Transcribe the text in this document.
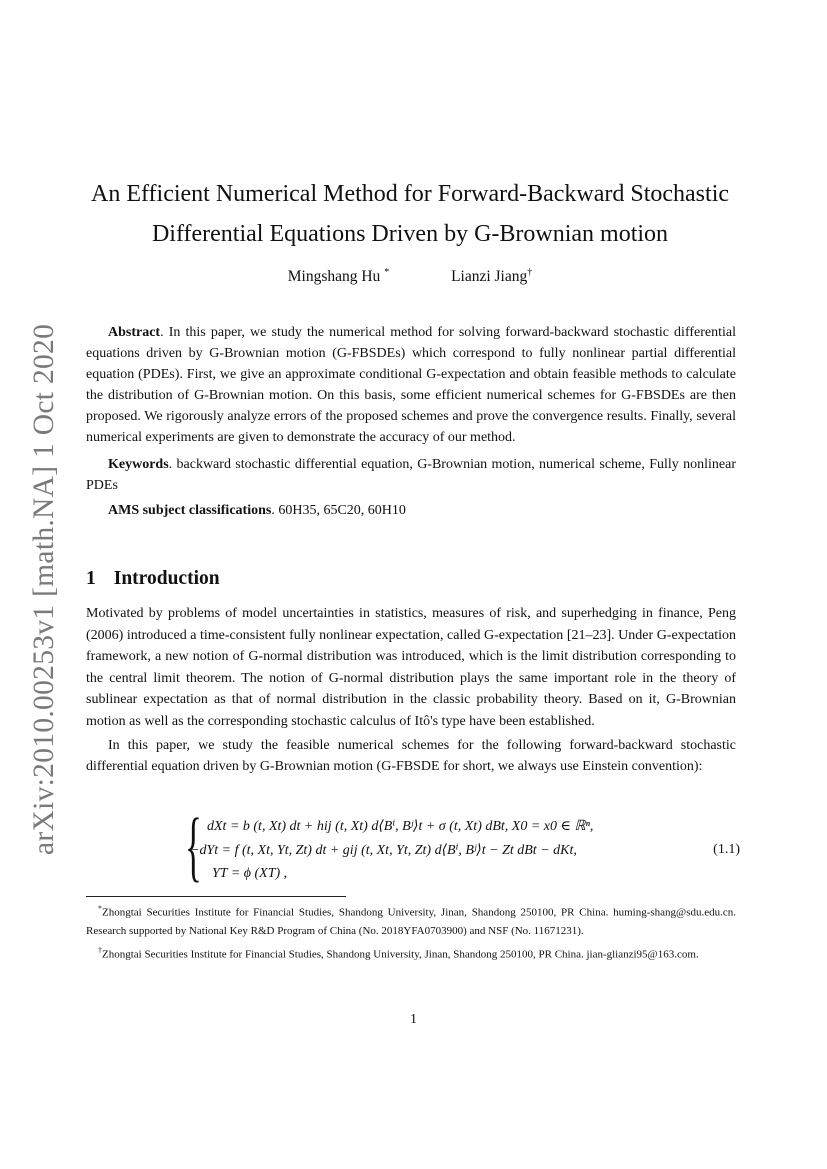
arXiv:2010.00253v1 [math.NA] 1 Oct 2020
An Efficient Numerical Method for Forward-Backward Stochastic
Differential Equations Driven by G-Brownian motion
Mingshang Hu *	Lianzi Jiang†

Abstract. In this paper, we study the numerical method for solving forward-backward stochastic differential equations driven by G-Brownian motion (G-FBSDEs) which correspond to fully nonlinear partial differential equation (PDEs). First, we give an approximate conditional G-expectation and obtain feasible methods to calculate the distribution of G-Brownian motion. On this basis, some efficient numerical schemes for G-FBSDEs are then proposed. We rigorously analyze errors of the proposed schemes and prove the convergence results. Finally, several numerical experiments are given to demonstrate the accuracy of our method.

Keywords. backward stochastic differential equation, G-Brownian motion, numerical scheme, Fully nonlinear PDEs

AMS subject classifications. 60H35, 65C20, 60H10

1 Introduction

Motivated by problems of model uncertainties in statistics, measures of risk, and superhedging in finance, Peng (2006) introduced a time-consistent fully nonlinear expectation, called G-expectation [21–23]. Under G-expectation framework, a new notion of G-normal distribution was introduced, which is the limit distribution corresponding to the central limit theorem. The notion of G-normal distribution plays the same important role in the theory of sublinear expectation as that of normal distribution in the classic probability theory. Based on it, G-Brownian motion as well as the corresponding stochastic calculus of Itô's type have been established.

In this paper, we study the feasible numerical schemes for the following forward-backward stochastic differential equation driven by G-Brownian motion (G-FBSDE for short, we always use Einstein convention):

{ dXt = b (t, Xt) dt + hij (t, Xt) d⟨Bⁱ, Bʲ⟩t + σ (t, Xt) dBt, X0 = x0 ∈ ℝⁿ,
−dYt = f (t, Xt, Yt, Zt) dt + gij (t, Xt, Yt, Zt) d⟨Bⁱ, Bʲ⟩t − Zt dBt − dKt,
YT = ϕ (XT) ,
(1.1)

*Zhongtai Securities Institute for Financial Studies, Shandong University, Jinan, Shandong 250100, PR China. huming-shang@sdu.edu.cn. Research supported by National Key R&D Program of China (No. 2018YFA0703900) and NSF (No. 11671231).

†Zhongtai Securities Institute for Financial Studies, Shandong University, Jinan, Shandong 250100, PR China. jian-glianzi95@163.com.

1
